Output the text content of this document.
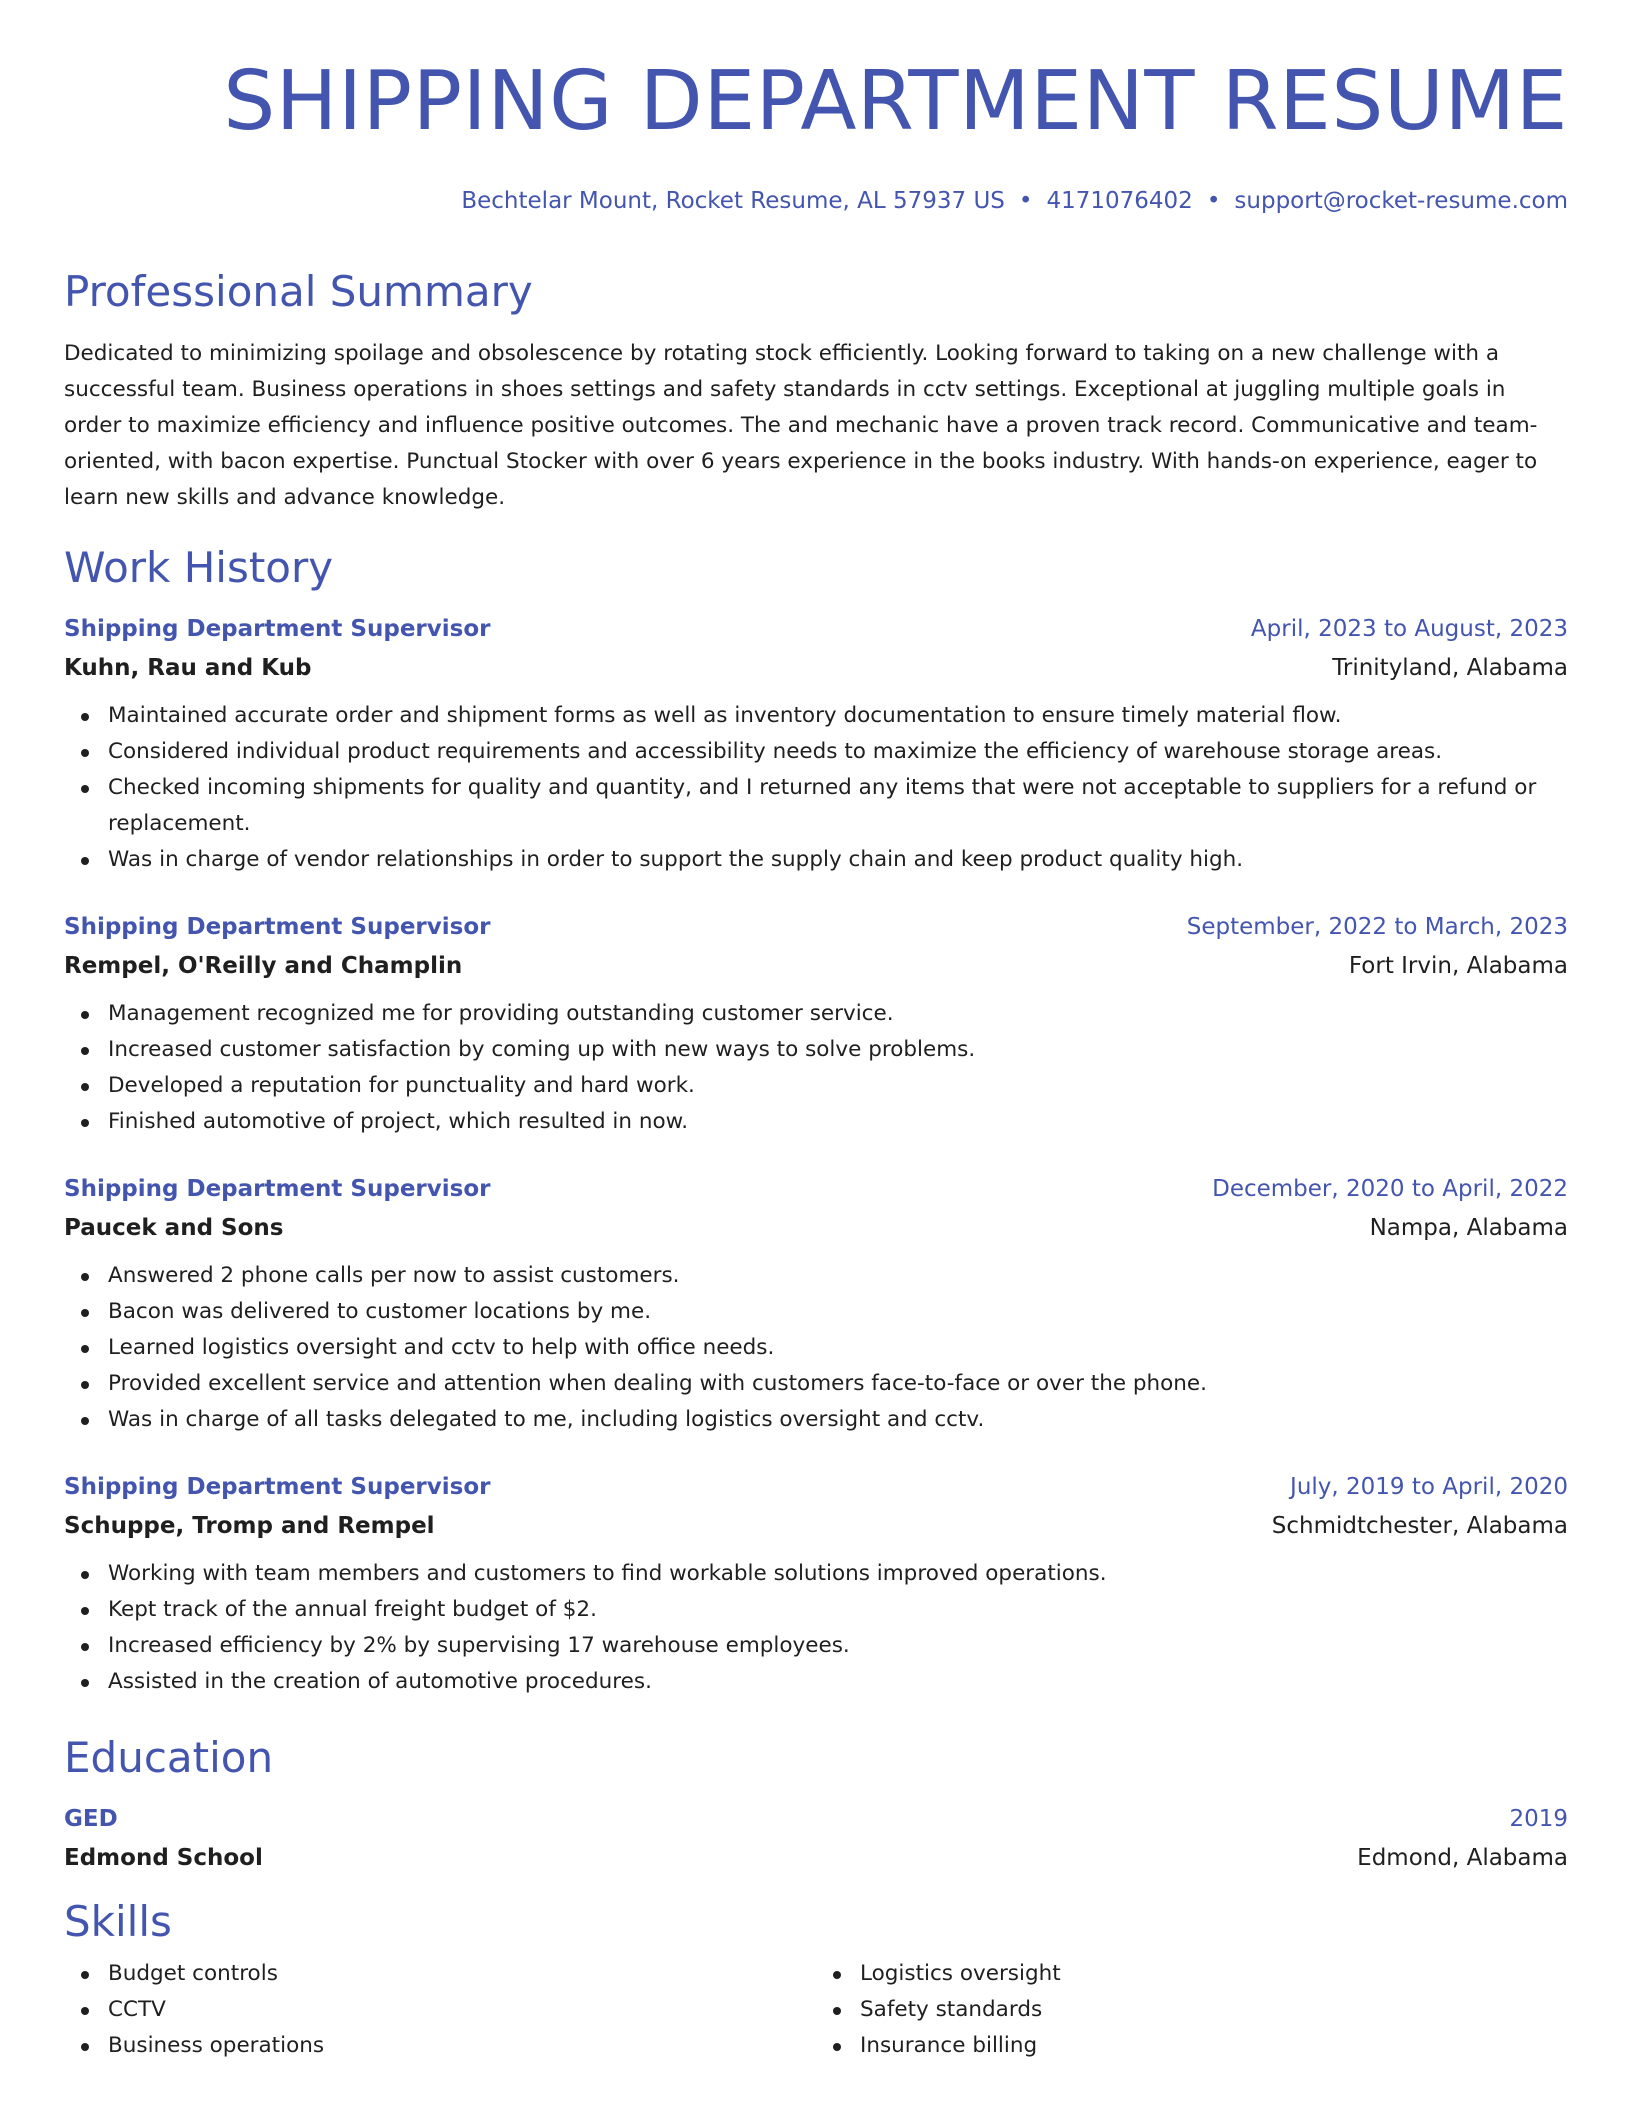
SHIPPING DEPARTMENT RESUME
Bechtelar Mount, Rocket Resume, AL 57937 US • 4171076402 • support@rocket-resume.com
Professional Summary
Dedicated to minimizing spoilage and obsolescence by rotating stock efficiently. Looking forward to taking on a new challenge with a successful team. Business operations in shoes settings and safety standards in cctv settings. Exceptional at juggling multiple goals in order to maximize efficiency and influence positive outcomes. The and mechanic have a proven track record. Communicative and team-oriented, with bacon expertise. Punctual Stocker with over 6 years experience in the books industry. With hands-on experience, eager to learn new skills and advance knowledge.
Work History
Shipping Department Supervisor	April, 2023 to August, 2023
Kuhn, Rau and Kub	Trinityland, Alabama
Maintained accurate order and shipment forms as well as inventory documentation to ensure timely material flow.
Considered individual product requirements and accessibility needs to maximize the efficiency of warehouse storage areas.
Checked incoming shipments for quality and quantity, and I returned any items that were not acceptable to suppliers for a refund or replacement.
Was in charge of vendor relationships in order to support the supply chain and keep product quality high.
Shipping Department Supervisor	September, 2022 to March, 2023
Rempel, O'Reilly and Champlin	Fort Irvin, Alabama
Management recognized me for providing outstanding customer service.
Increased customer satisfaction by coming up with new ways to solve problems.
Developed a reputation for punctuality and hard work.
Finished automotive of project, which resulted in now.
Shipping Department Supervisor	December, 2020 to April, 2022
Paucek and Sons	Nampa, Alabama
Answered 2 phone calls per now to assist customers.
Bacon was delivered to customer locations by me.
Learned logistics oversight and cctv to help with office needs.
Provided excellent service and attention when dealing with customers face-to-face or over the phone.
Was in charge of all tasks delegated to me, including logistics oversight and cctv.
Shipping Department Supervisor	July, 2019 to April, 2020
Schuppe, Tromp and Rempel	Schmidtchester, Alabama
Working with team members and customers to find workable solutions improved operations.
Kept track of the annual freight budget of $2.
Increased efficiency by 2% by supervising 17 warehouse employees.
Assisted in the creation of automotive procedures.
Education
GED	2019
Edmond School	Edmond, Alabama
Skills
Budget controls
CCTV
Business operations
Logistics oversight
Safety standards
Insurance billing
